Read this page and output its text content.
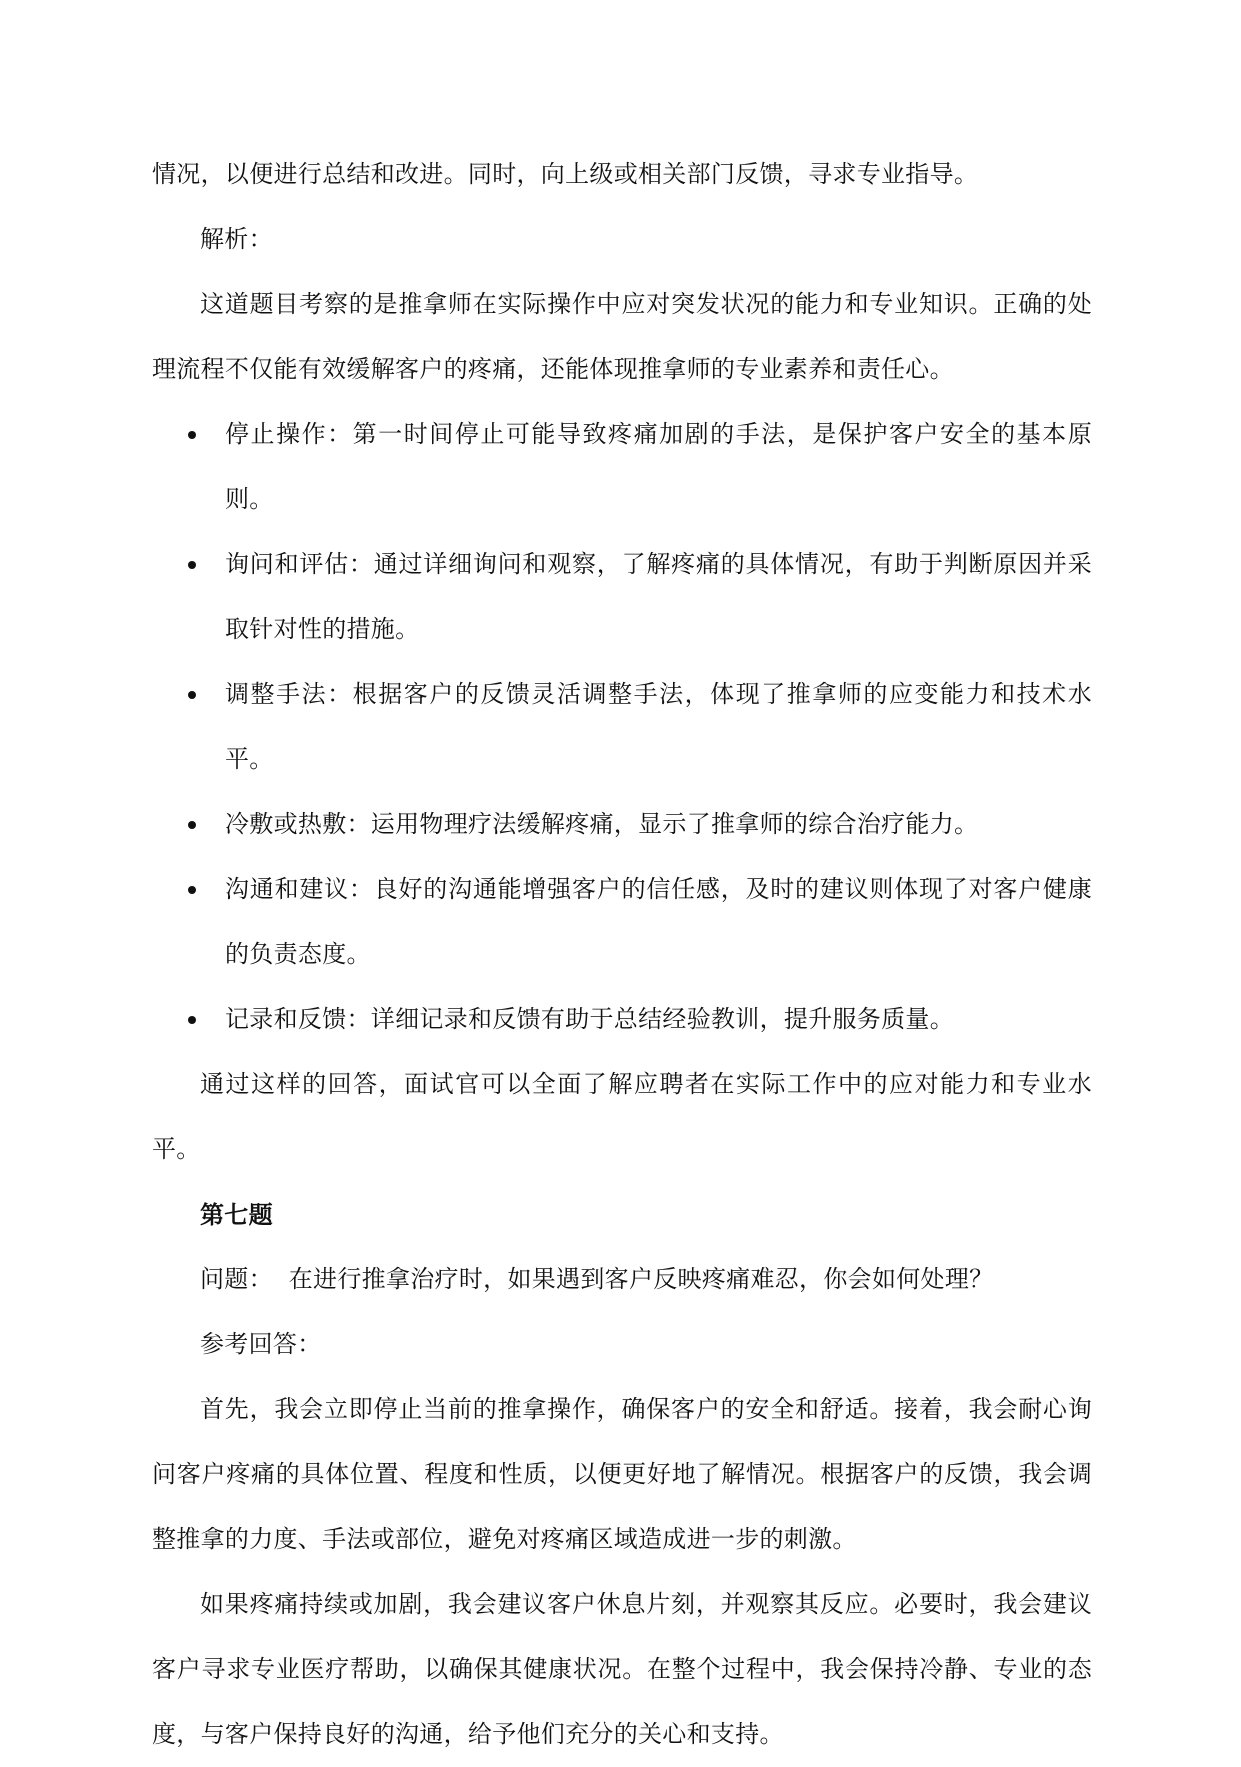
情况，以便进行总结和改进。同时，向上级或相关部门反馈，寻求专业指导。

解析：

这道题目考察的是推拿师在实际操作中应对突发状况的能力和专业知识。正确的处理流程不仅能有效缓解客户的疼痛，还能体现推拿师的专业素养和责任心。

停止操作：第一时间停止可能导致疼痛加剧的手法，是保护客户安全的基本原则。
询问和评估：通过详细询问和观察，了解疼痛的具体情况，有助于判断原因并采取针对性的措施。
调整手法：根据客户的反馈灵活调整手法，体现了推拿师的应变能力和技术水平。
冷敷或热敷：运用物理疗法缓解疼痛，显示了推拿师的综合治疗能力。
沟通和建议：良好的沟通能增强客户的信任感，及时的建议则体现了对客户健康的负责态度。
记录和反馈：详细记录和反馈有助于总结经验教训，提升服务质量。

通过这样的回答，面试官可以全面了解应聘者在实际工作中的应对能力和专业水平。

第七题

问题：  在进行推拿治疗时，如果遇到客户反映疼痛难忍，你会如何处理？

参考回答：

首先，我会立即停止当前的推拿操作，确保客户的安全和舒适。接着，我会耐心询问客户疼痛的具体位置、程度和性质，以便更好地了解情况。根据客户的反馈，我会调整推拿的力度、手法或部位，避免对疼痛区域造成进一步的刺激。

如果疼痛持续或加剧，我会建议客户休息片刻，并观察其反应。必要时，我会建议客户寻求专业医疗帮助，以确保其健康状况。在整个过程中，我会保持冷静、专业的态度，与客户保持良好的沟通，给予他们充分的关心和支持。
